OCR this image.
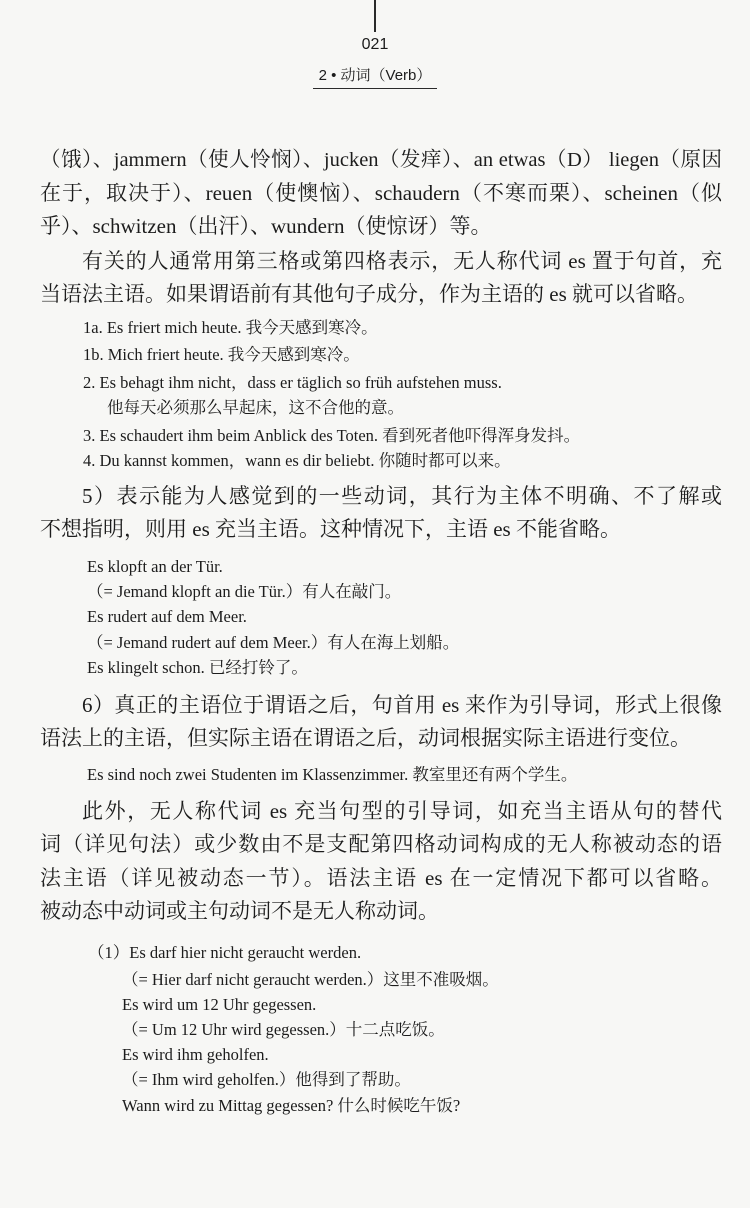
021
2 • 动词（Verb）
（饿）、jammern（使人怜悯）、jucken（发痒）、an etwas（D） liegen（原因
在于，取决于）、reuen（使懊恼）、schaudern（不寒而栗）、scheinen（似
乎）、schwitzen（出汗）、wundern（使惊讶）等。
有关的人通常用第三格或第四格表示，无人称代词 es 置于句首，充
当语法主语。如果谓语前有其他句子成分，作为主语的 es 就可以省略。
1a. Es friert mich heute. 我今天感到寒冷。
1b. Mich friert heute. 我今天感到寒冷。
2. Es behagt ihm nicht，dass er täglich so früh aufstehen muss.
他每天必须那么早起床，这不合他的意。
3. Es schaudert ihm beim Anblick des Toten. 看到死者他吓得浑身发抖。
4. Du kannst kommen，wann es dir beliebt. 你随时都可以来。
5）表示能为人感觉到的一些动词，其行为主体不明确、不了解或
不想指明，则用 es 充当主语。这种情况下，主语 es 不能省略。
Es klopft an der Tür.
（= Jemand klopft an die Tür.）有人在敲门。
Es rudert auf dem Meer.
（= Jemand rudert auf dem Meer.）有人在海上划船。
Es klingelt schon. 已经打铃了。
6）真正的主语位于谓语之后，句首用 es 来作为引导词，形式上很像
语法上的主语，但实际主语在谓语之后，动词根据实际主语进行变位。
Es sind noch zwei Studenten im Klassenzimmer. 教室里还有两个学生。
此外，无人称代词 es 充当句型的引导词，如充当主语从句的替代
词（详见句法）或少数由不是支配第四格动词构成的无人称被动态的语
法主语（详见被动态一节）。语法主语 es 在一定情况下都可以省略。
被动态中动词或主句动词不是无人称动词。
（1）Es darf hier nicht geraucht werden.
（= Hier darf nicht geraucht werden.）这里不准吸烟。
Es wird um 12 Uhr gegessen.
（= Um 12 Uhr wird gegessen.）十二点吃饭。
Es wird ihm geholfen.
（= Ihm wird geholfen.）他得到了帮助。
Wann wird zu Mittag gegessen? 什么时候吃午饭?
